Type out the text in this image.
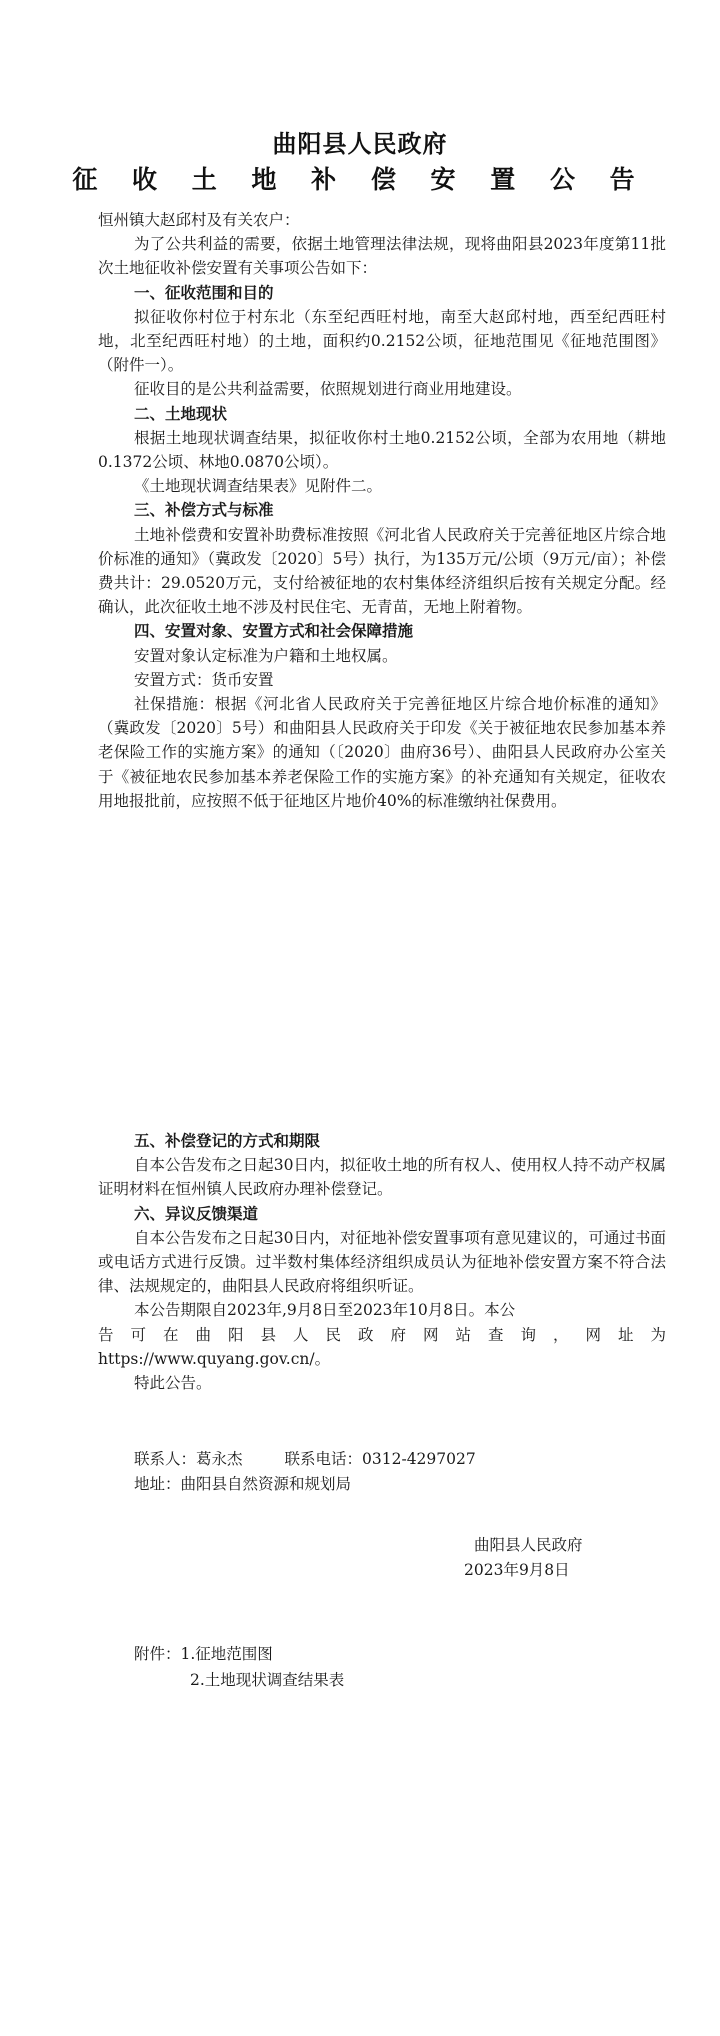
曲阳县人民政府
征 收 土 地 补 偿 安 置 公 告

恒州镇大赵邱村及有关农户：

为了公共利益的需要，依据土地管理法律法规，现将曲阳县2023年度第11批次土地征收补偿安置有关事项公告如下：

一、征收范围和目的

拟征收你村位于村东北（东至纪西旺村地，南至大赵邱村地，西至纪西旺村地，北至纪西旺村地）的土地，面积约0.2152公顷，征地范围见《征地范围图》（附件一）。

征收目的是公共利益需要，依照规划进行商业用地建设。

二、土地现状

根据土地现状调查结果，拟征收你村土地0.2152公顷，全部为农用地（耕地0.1372公顷、林地0.0870公顷）。

《土地现状调查结果表》见附件二。

三、补偿方式与标准

土地补偿费和安置补助费标准按照《河北省人民政府关于完善征地区片综合地价标准的通知》（冀政发〔2020〕5号）执行，为135万元/公顷（9万元/亩）；补偿费共计：29.0520万元，支付给被征地的农村集体经济组织后按有关规定分配。经确认，此次征收土地不涉及村民住宅、无青苗，无地上附着物。

四、安置对象、安置方式和社会保障措施

安置对象认定标准为户籍和土地权属。

安置方式：货币安置

社保措施：根据《河北省人民政府关于完善征地区片综合地价标准的通知》（冀政发〔2020〕5号）和曲阳县人民政府关于印发《关于被征地农民参加基本养老保险工作的实施方案》的通知（〔2020〕曲府36号）、曲阳县人民政府办公室关于《被征地农民参加基本养老保险工作的实施方案》的补充通知有关规定，征收农用地报批前，应按照不低于征地区片地价40%的标准缴纳社保费用。

五、补偿登记的方式和期限

自本公告发布之日起30日内，拟征收土地的所有权人、使用权人持不动产权属证明材料在恒州镇人民政府办理补偿登记。

六、异议反馈渠道

自本公告发布之日起30日内，对征地补偿安置事项有意见建议的，可通过书面或电话方式进行反馈。过半数村集体经济组织成员认为征地补偿安置方案不符合法律、法规规定的，曲阳县人民政府将组织听证。

本公告期限自2023年,9月8日至2023年10月8日。本公

告可在曲阳县人民政府网站查询，网址为

https://www.quyang.gov.cn/。

特此公告。

联系人：葛永杰	联系电话：0312-4297027
地址：曲阳县自然资源和规划局
曲阳县人民政府
2023年9月8日
附件：1.征地范围图
2.土地现状调查结果表
